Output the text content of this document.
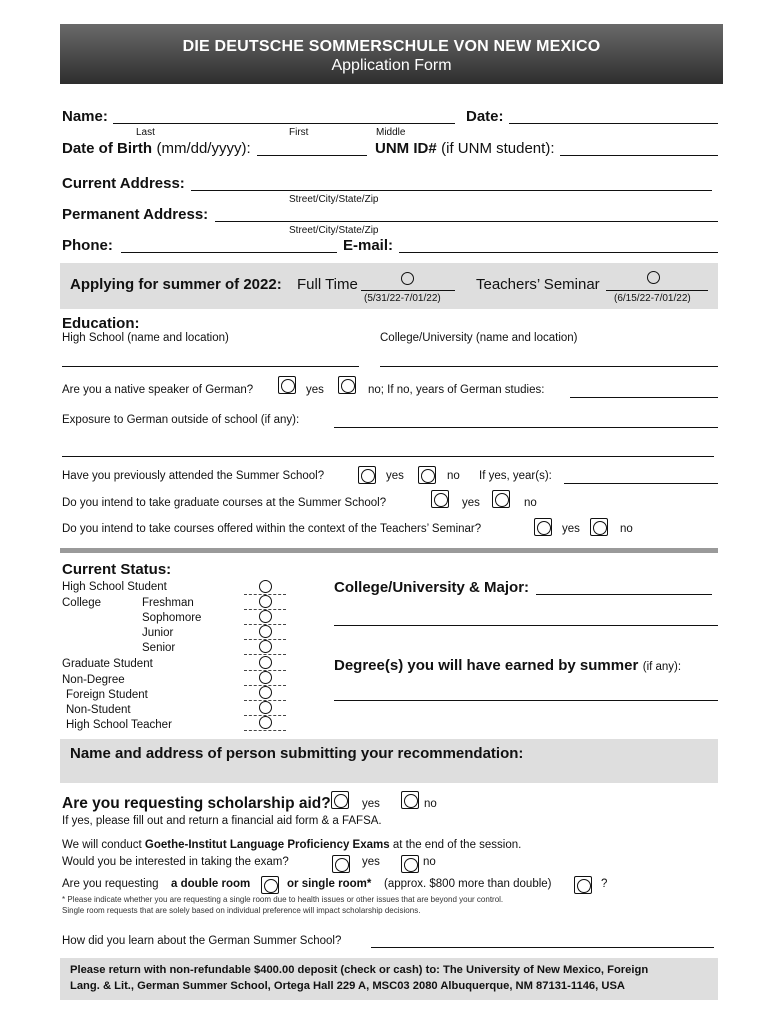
DIE DEUTSCHE SOMMERSCHULE VON NEW MEXICO
Application Form
Name:	Date:
Last	First	Middle
Date of Birth (mm/dd/yyyy):	UNM ID# (if UNM student):
Current Address:
Street/City/State/Zip
Permanent Address:
Street/City/State/Zip
Phone:	E-mail:
Applying for summer of 2022: Full Time
(5/31/22-7/01/22)
Teachers’ Seminar
(6/15/22-7/01/22)
Education:
High School (name and location)	College/University (name and location)
Are you a native speaker of German?	yes	no; If no, years of German studies:
Exposure to German outside of school (if any):
Have you previously attended the Summer School?	yes	no If yes, year(s):
Do you intend to take graduate courses at the Summer School?	yes	no
Do you intend to take courses offered within the context of the Teachers’ Seminar?	yes	no
Current Status:
High School Student
College	Freshman
Sophomore
Junior
Senior
Graduate Student
Non-Degree
Foreign Student
Non-Student
High School Teacher
College/University & Major:
Degree(s) you will have earned by summer (if any):
Name and address of person submitting your recommendation:
Are you requesting scholarship aid?	yes	no
If yes, please fill out and return a financial aid form & a FAFSA.
We will conduct Goethe-Institut Language Proficiency Exams at the end of the session.
Would you be interested in taking the exam?	yes	no
Are you requesting a double room	or single room* (approx. $800 more than double)	?
* Please indicate whether you are requesting a single room due to health issues or other issues that are beyond your control.
Single room requests that are solely based on individual preference will impact scholarship decisions.
How did you learn about the German Summer School?
Please return with non-refundable $400.00 deposit (check or cash) to: The University of New Mexico, Foreign
Lang. & Lit., German Summer School, Ortega Hall 229 A, MSC03 2080 Albuquerque, NM 87131-1146, USA
